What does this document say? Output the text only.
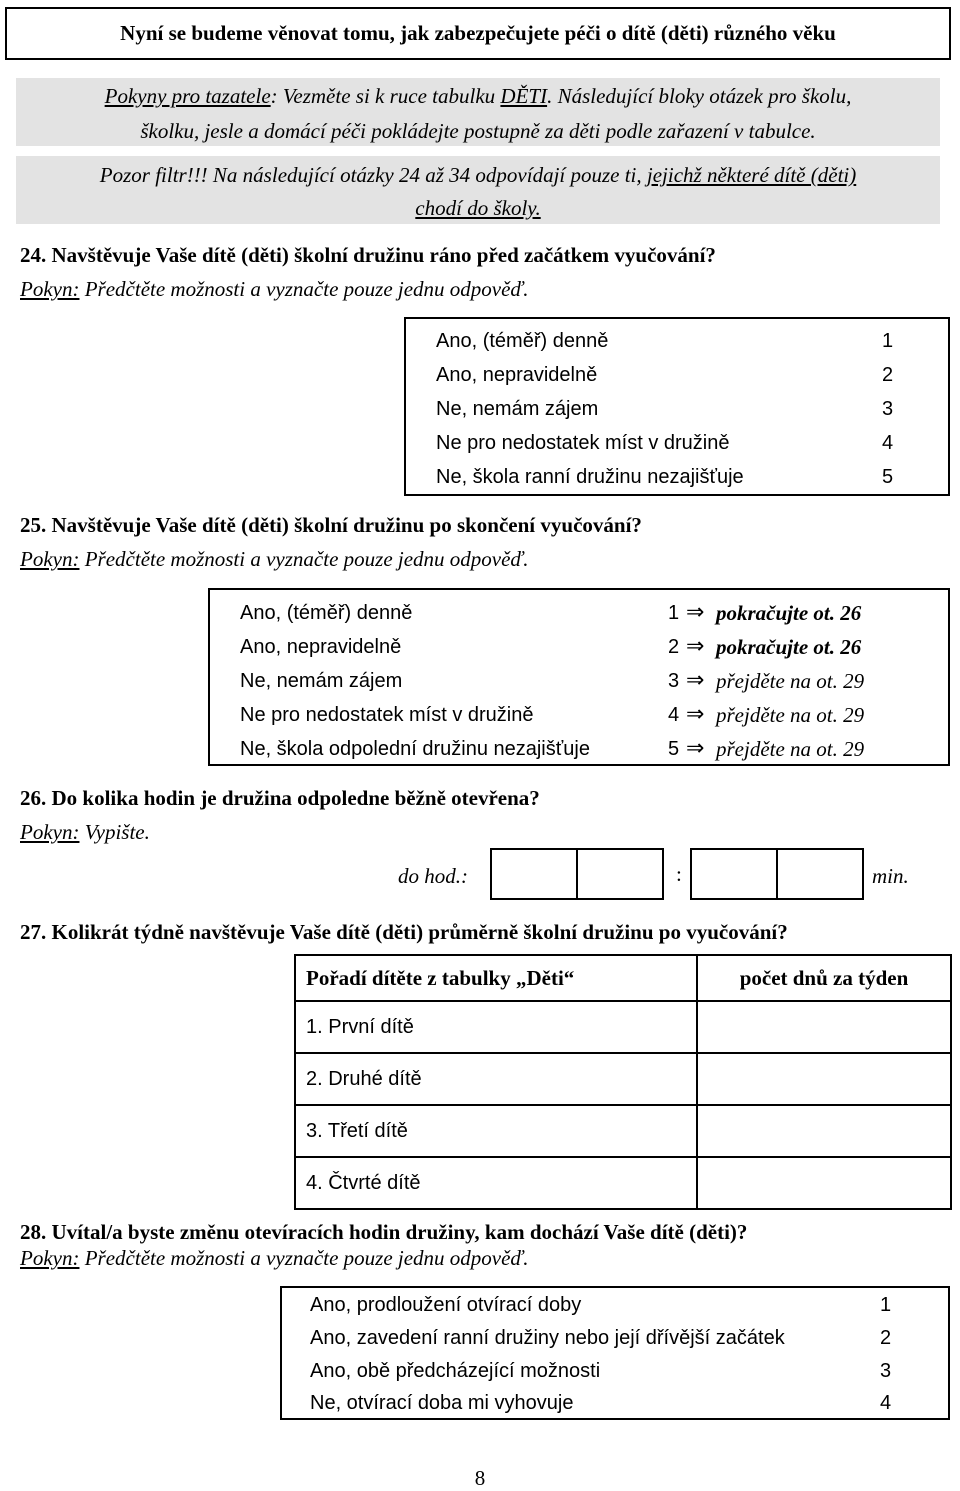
Nyní se budeme věnovat tomu, jak zabezpečujete péči o dítě (děti) různého věku
Pokyny pro tazatele: Vezměte si k ruce tabulku DĚTI. Následující bloky otázek pro školu,
školku, jesle a domácí péči pokládejte postupně za děti podle zařazení v tabulce.
Pozor filtr!!! Na následující otázky 24 až 34 odpovídají pouze ti, jejichž některé dítě (děti)
chodí do školy.
24. Navštěvuje Vaše dítě (děti) školní družinu ráno před začátkem vyučování?
Pokyn: Předčtěte možnosti a vyznačte pouze jednu odpověď.
Ano, (téměř) denně	1
Ano, nepravidelně	2
Ne, nemám zájem	3
Ne pro nedostatek míst v družině	4
Ne, škola ranní družinu nezajišťuje	5
25. Navštěvuje Vaše dítě (děti) školní družinu po skončení vyučování?
Pokyn: Předčtěte možnosti a vyznačte pouze jednu odpověď.
Ano, (téměř) denně	1 ⇒ pokračujte ot. 26
Ano, nepravidelně	2 ⇒ pokračujte ot. 26
Ne, nemám zájem	3 ⇒ přejděte na ot. 29
Ne pro nedostatek míst v družině	4 ⇒ přejděte na ot. 29
Ne, škola odpolední družinu nezajišťuje	5 ⇒ přejděte na ot. 29
26. Do kolika hodin je družina odpoledne běžně otevřena?
Pokyn: Vypište.
do hod.:	:	min.
27. Kolikrát týdně navštěvuje Vaše dítě (děti) průměrně školní družinu po vyučování?
Pořadí dítěte z tabulky „Děti“	počet dnů za týden
1. První dítě	
2. Druhé dítě	
3. Třetí dítě	
4. Čtvrté dítě	
28. Uvítal/a byste změnu otevíracích hodin družiny, kam dochází Vaše dítě (děti)?
Pokyn: Předčtěte možnosti a vyznačte pouze jednu odpověď.
Ano, prodloužení otvírací doby	1
Ano, zavedení ranní družiny nebo její dřívější začátek	2
Ano, obě předcházející možnosti	3
Ne, otvírací doba mi vyhovuje	4
8
